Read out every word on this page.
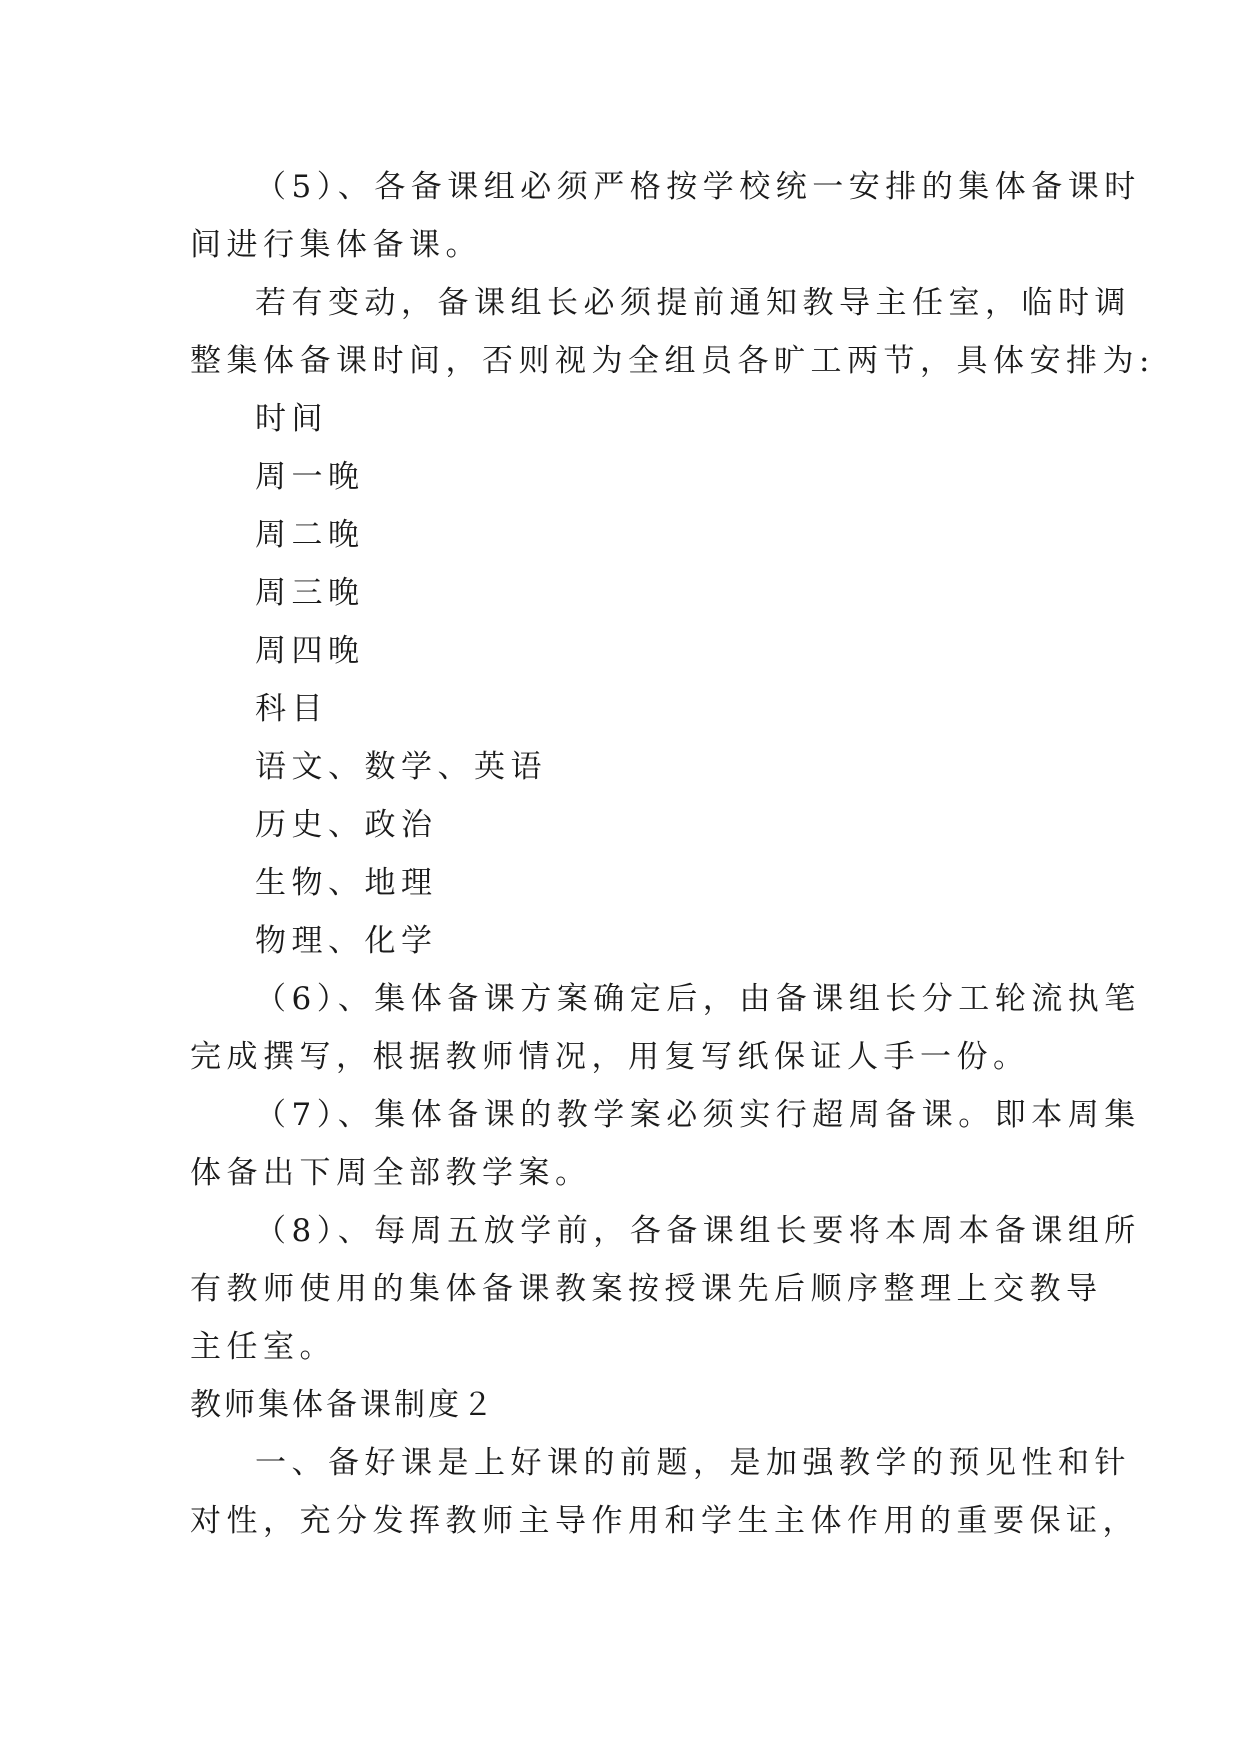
（5）、各备课组必须严格按学校统一安排的集体备课时
间进行集体备课。
若有变动，备课组长必须提前通知教导主任室，临时调
整集体备课时间，否则视为全组员各旷工两节，具体安排为:
时间
周一晚
周二晚
周三晚
周四晚
科目
语文、数学、英语
历史、政治
生物、地理
物理、化学
（6）、集体备课方案确定后，由备课组长分工轮流执笔
完成撰写，根据教师情况，用复写纸保证人手一份。
（7）、集体备课的教学案必须实行超周备课。即本周集
体备出下周全部教学案。
（8）、每周五放学前，各备课组长要将本周本备课组所
有教师使用的集体备课教案按授课先后顺序整理上交教导
主任室。
教师集体备课制度２
一、备好课是上好课的前题，是加强教学的预见性和针
对性，充分发挥教师主导作用和学生主体作用的重要保证，
